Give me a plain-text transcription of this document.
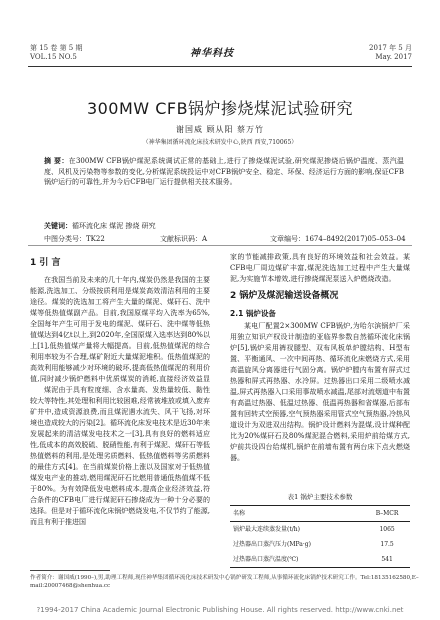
第 15 卷 第 5 期
VOL.15 NO.5	神华科技	2017 年 5 月
May. 2017
300MW CFB锅炉掺烧煤泥试验研究
谢国威 顾从阳 蔡万竹
（神华集团循环流化床技术研发中心,陕西 西安,710065）
摘 要：在300MW CFB锅炉煤泥系统调试正常的基础上,进行了掺烧煤泥试验,研究煤泥掺烧后锅炉温度、蒸汽温度、风机及污染物等参数的变化,分析煤泥系统投运中对CFB锅炉安全、稳定、环保、经济运行方面的影响,保证CFB锅炉运行的可靠性,并为今后CFB电厂运行提供相关技术服务。
关键词：循环流化床 煤泥 掺烧 研究
中图分类号：TK22	文献标识码：A	文章编号：1674–8492(2017)05–053–04
1 引 言

在我国当前及未来的几十年内,煤炭仍然是我国的主要能源,洗选加工、分级按质利用是煤炭高效清洁利用的主要途径。煤炭的洗选加工将产生大量的煤泥、煤矸石、洗中煤等低热值煤副产品。目前,我国原煤平均入洗率为65%,全国每年产生可用于发电的煤泥、煤矸石、洗中煤等低热值煤达到4亿t以上,到2020年,全国原煤入选率达到80%以上[1],低热值煤产量将大幅提高。目前,低热值煤泥的综合利用率较为不合理,煤矿附近大量煤泥堆积。低热值煤泥的高效利用能够减少对环境的破坏,提高低热值煤泥的利用价值,同时减少锅炉燃料中优质煤炭的消耗,直接经济效益显

煤泥由于具有粒度细、含水量高、发热量较低、黏性较大等特性,其处理和利用比较困难,经常被堆放或填入废弃矿井中,造成资源浪费,而且煤泥遇水流失、风干飞扬,对环境也造成较大的污染[2]。循环流化床发电技术是近30年来发展起来的清洁煤发电技术之一[3],具有良好的燃料适应性,低成本的高效脱硫、脱硝性能,有利于煤泥、煤矸石等低热值燃料的利用,是处理劣质燃料、低热值燃料等劣质燃料的最佳方式[4]。在当前煤炭价格上涨以及国家对于低热值煤发电产业的推动,燃用煤泥矸石比燃用普通低热值煤不低于80%。为有效降低发电燃料成本,提高企业经济效益,符合条件的CFB电厂进行煤泥矸石掺烧成为一种十分必要的选择。但是对于循环流化床锅炉燃烧发电,不仅节约了能源,而且有利于推进国

家的节能减排政策,具有良好的环境效益和社会效益。某CFB电厂周边煤矿丰富,煤泥洗选加工过程中产生大量煤泥,为实施节本增效,进行掺烧煤泥泵送入炉燃烧改造。

2 锅炉及煤泥输送设备概况
2.1 锅炉设备

某电厂配置2×300MW CFB锅炉,为哈尔滨锅炉厂采用独立知识产权设计制造的亚临界参数自然循环流化床锅炉[5],锅炉采用裤衩腿型、双布风板单炉膛结构、H型布置、平衡通风、一次中间再热、循环流化床燃烧方式,采用高温旋风分离器进行气固分离。锅炉炉膛内布置有屏式过热器和屏式再热器、水冷屏。过热器出口采用二级喷水减温,屏式再热器入口采用事故喷水减温,尾部对流烟道中布置有高温过热器、低温过热器、低温再热器和省煤器,后部布置有回转式空预器,空气预热器采用管式空气预热器,冷热风道设计为双进双出结构。锅炉设计燃料为混煤,设计煤种配比为20%煤矸石及80%煤泥混合燃料,采用炉前给煤方式,炉前共设四台给煤机,锅炉在前墙布置有两台床下点火燃烧器。

表1 锅炉主要技术参数
名称	B–MCR
锅炉最大连续蒸发量(t/h)	1065
过热器出口蒸汽压力(MPa·g)	17.5
过热器出口蒸汽温度(℃)	541
作者简介：谢国威(1990–),男,助理工程师,现任神华集团循环流化床技术研发中心锅炉研发工程师,从事循环流化床锅炉技术研究工作。Tel:18135162580,E–mail:20007468@shenhua.cc
?1994-2017 China Academic Journal Electronic Publishing House. All rights reserved. http://www.cnki.net
